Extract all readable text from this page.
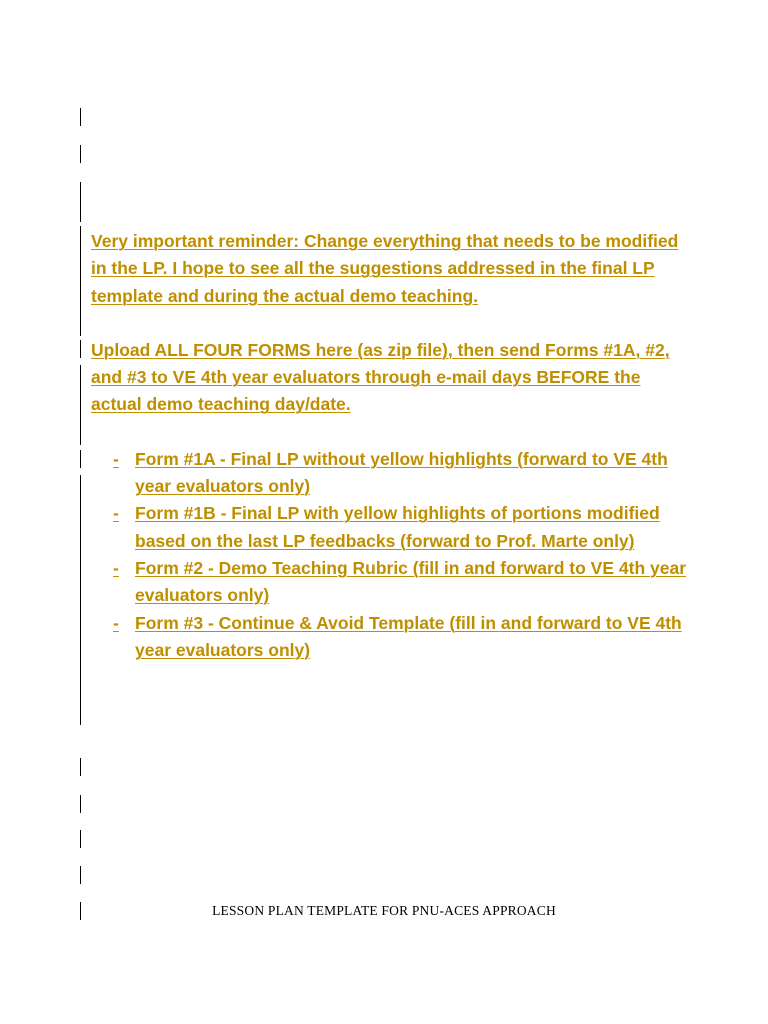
Very important reminder: Change everything that needs to be modified in the LP. I hope to see all the suggestions addressed in the final LP template and during the actual demo teaching.

Upload ALL FOUR FORMS here (as zip file), then send Forms #1A, #2, and #3 to VE 4th year evaluators through e-mail days BEFORE the actual demo teaching day/date.

- Form #1A - Final LP without yellow highlights (forward to VE 4th year evaluators only)
- Form #1B - Final LP with yellow highlights of portions modified based on the last LP feedbacks (forward to Prof. Marte only)
- Form #2 - Demo Teaching Rubric (fill in and forward to VE 4th year evaluators only)
- Form #3 - Continue & Avoid Template (fill in and forward to VE 4th year evaluators only)
LESSON PLAN TEMPLATE FOR PNU-ACES APPROACH
